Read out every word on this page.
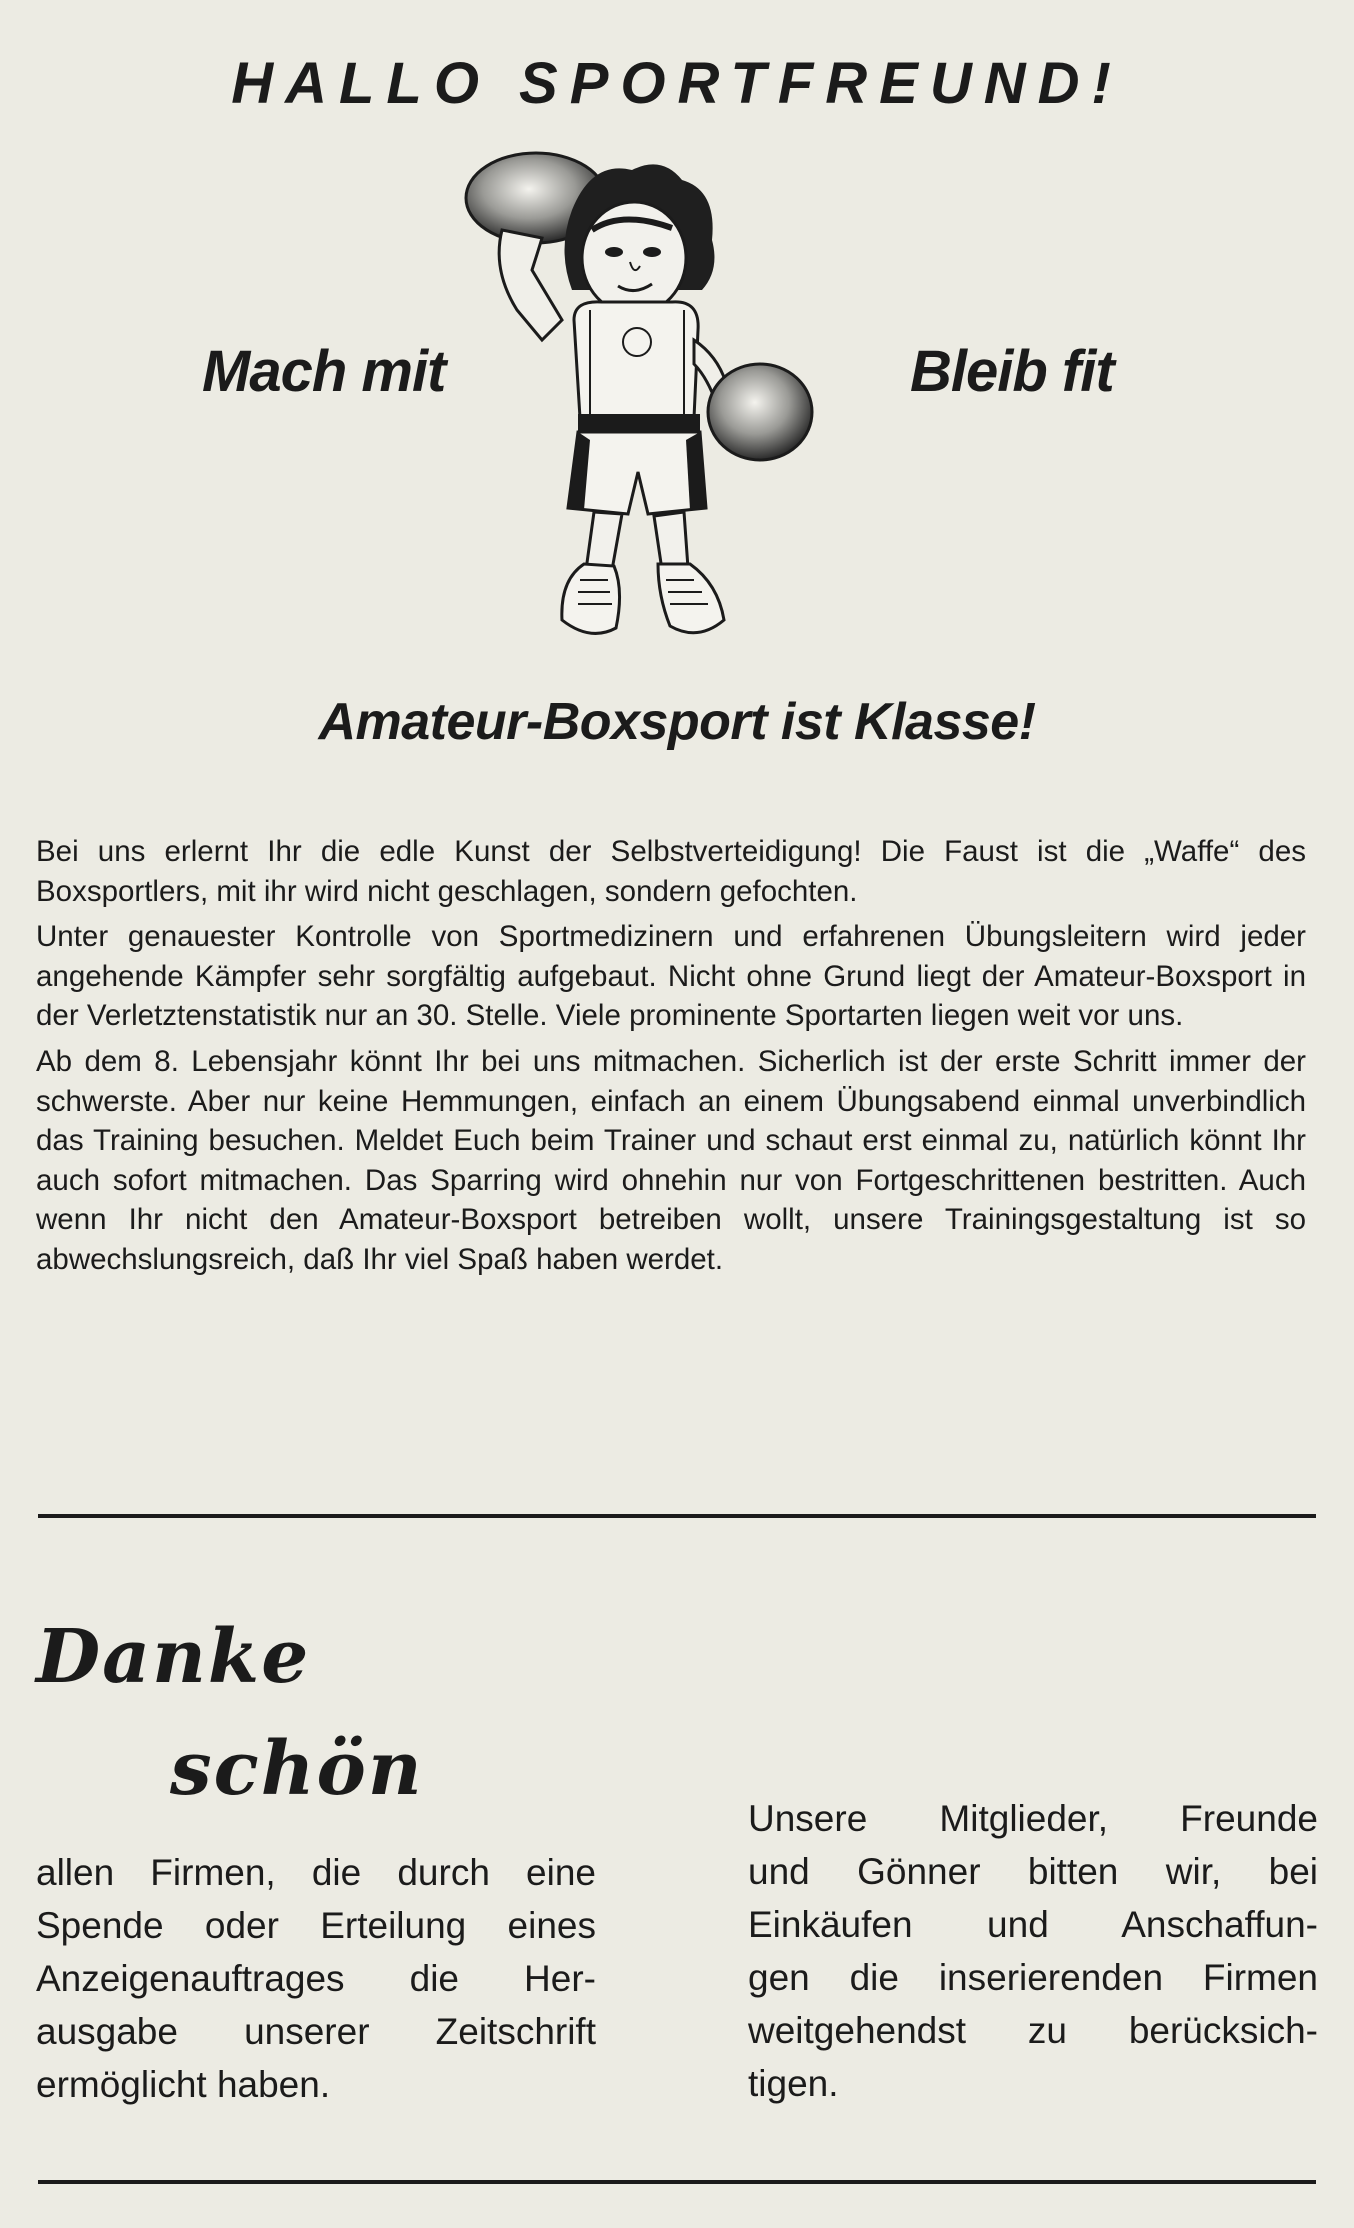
HALLO SPORTFREUND!
Mach mit	Bleib fit
Amateur-Boxsport ist Klasse!

Bei uns erlernt Ihr die edle Kunst der Selbstverteidigung! Die Faust ist die „Waffe“ des Boxsportlers, mit ihr wird nicht geschlagen, sondern gefochten.

Unter genauester Kontrolle von Sportmedizinern und erfahrenen Übungsleitern wird jeder angehende Kämpfer sehr sorgfältig aufgebaut. Nicht ohne Grund liegt der Amateur-Boxsport in der Verletztenstatistik nur an 30. Stelle. Viele prominente Sportarten liegen weit vor uns.

Ab dem 8. Lebensjahr könnt Ihr bei uns mitmachen. Sicherlich ist der erste Schritt immer der schwerste. Aber nur keine Hemmungen, einfach an einem Übungsabend einmal unverbindlich das Training besuchen. Meldet Euch beim Trainer und schaut erst einmal zu, natürlich könnt Ihr auch sofort mitmachen. Das Sparring wird ohnehin nur von Fortgeschrittenen bestritten. Auch wenn Ihr nicht den Amateur-Boxsport betreiben wollt, unsere Trainingsgestaltung ist so abwechslungsreich, daß Ihr viel Spaß haben werdet.

Danke
schön
allen Firmen, die durch eine
Spende oder Erteilung eines
Anzeigenauftrages die Her-
ausgabe unserer Zeitschrift
ermöglicht haben.
Unsere Mitglieder, Freunde
und Gönner bitten wir, bei
Einkäufen und Anschaffun-
gen die inserierenden Firmen
weitgehendst zu berücksich-
tigen.
